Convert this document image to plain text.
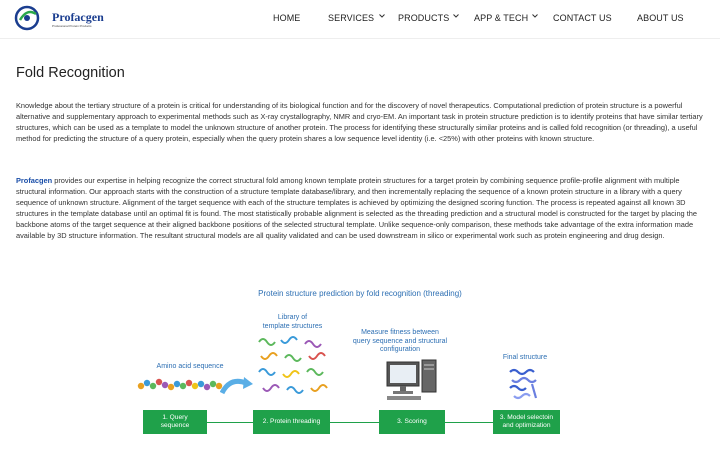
Profacgen
Professional Protein Products
HOME	SERVICES	PRODUCTS	APP & TECH	CONTACT US	ABOUT US
Fold Recognition

Knowledge about the tertiary structure of a protein is critical for understanding of its biological function and for the discovery of novel therapeutics. Computational prediction of protein structure is a powerful alternative and supplementary approach to experimental methods such as X-ray crystallography, NMR and cryo-EM. An important task in protein structure prediction is to identify proteins that have similar tertiary structures, which can be used as a template to model the unknown structure of another protein. The process for identifying these structurally similar proteins and is called fold recognition (or threading), a useful method for predicting the structure of a query protein, especially when the query protein shares a low sequence level identity (i.e. <25%) with other proteins with known structure.

Profacgen provides our expertise in helping recognize the correct structural fold among known template protein structures for a target protein by combining sequence profile-profile alignment with multiple structural information. Our approach starts with the construction of a structure template database/library, and then incrementally replacing the sequence of a known protein structure in a library with a query sequence of unknown structure. Alignment of the target sequence with each of the structure templates is achieved by optimizing the designed scoring function. The process is repeated against all known 3D structures in the template database until an optimal fit is found. The most statistically probable alignment is selected as the threading prediction and a structural model is constructed for the target by placing the backbone atoms of the target sequence at their aligned backbone positions of the selected structural template. Unlike sequence-only comparison, these methods take advantage of the extra information made available by 3D structure information. The resultant structural models are all quality validated and can be used downstream in silico or experimental work such as protein engineering and drug design.

Protein structure prediction by fold recognition (threading)
Amino acid sequence
Library of
template structures
Measure fitness between
query sequence and structural
configuration
Final structure
1. Query
sequence
2. Protein threading	3. Scoring
3. Model selectoin
and optimization
